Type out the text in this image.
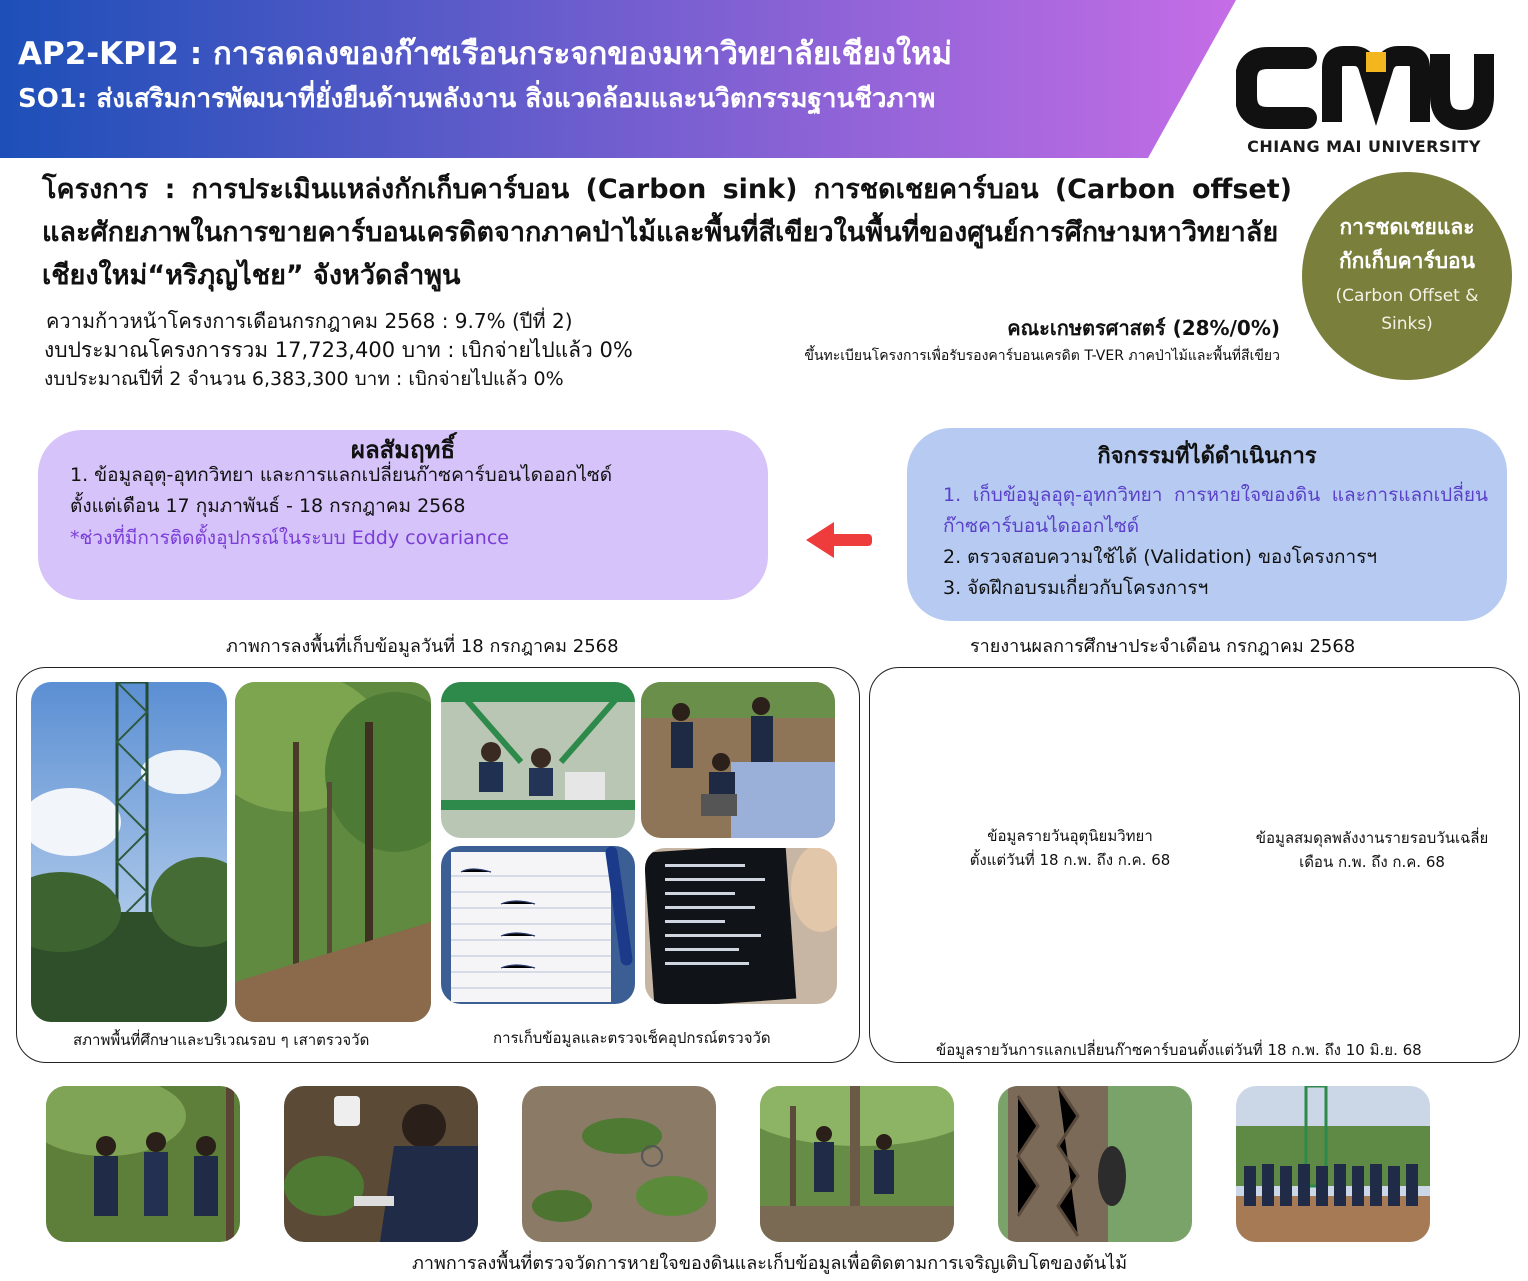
AP2-KPI2 : การลดลงของก๊าซเรือนกระจกของมหาวิทยาลัยเชียงใหม่
SO1: ส่งเสริมการพัฒนาที่ยั่งยืนด้านพลังงาน สิ่งแวดล้อมและนวิตกรรมฐานชีวภาพ
CHIANG MAI UNIVERSITY
โครงการ : การประเมินแหล่งกักเก็บคาร์บอน (Carbon sink) การชดเชยคาร์บอน (Carbon offset) และศักยภาพในการขายคาร์บอนเครดิตจากภาคป่าไม้และพื้นที่สีเขียวในพื้นที่ของศูนย์การศึกษามหาวิทยาลัยเชียงใหม่“หริภุญไชย” จังหวัดลำพูน
การชดเชยและ
กักเก็บคาร์บอน
(Carbon Offset &
Sinks)
ความก้าวหน้าโครงการเดือนกรกฎาคม 2568 : 9.7% (ปีที่ 2)
งบประมาณโครงการรวม 17,723,400 บาท : เบิกจ่ายไปแล้ว 0%
งบประมาณปีที่ 2 จำนวน 6,383,300 บาท : เบิกจ่ายไปแล้ว 0%
คณะเกษตรศาสตร์ (28%/0%)
ขึ้นทะเบียนโครงการเพื่อรับรองคาร์บอนเครดิต T-VER ภาคป่าไม้และพื้นที่สีเขียว
ผลสัมฤทธิ์
1. ข้อมูลอุตุ-อุทกวิทยา และการแลกเปลี่ยนก๊าซคาร์บอนไดออกไซด์
ตั้งแต่เดือน 17 กุมภาพันธ์ - 18 กรกฎาคม 2568
*ช่วงที่มีการติดตั้งอุปกรณ์ในระบบ Eddy covariance
กิจกรรมที่ได้ดำเนินการ
1. เก็บข้อมูลอุตุ-อุทกวิทยา การหายใจของดิน และการแลกเปลี่ยนก๊าซคาร์บอนไดออกไซด์
2. ตรวจสอบความใช้ได้ (Validation) ของโครงการฯ
3. จัดฝึกอบรมเกี่ยวกับโครงการฯ
ภาพการลงพื้นที่เก็บข้อมูลวันที่ 18 กรกฎาคม 2568	รายงานผลการศึกษาประจำเดือน กรกฎาคม 2568
สภาพพื้นที่ศึกษาและบริเวณรอบ ๆ เสาตรวจวัด	การเก็บข้อมูลและตรวจเช็คอุปกรณ์ตรวจวัด
ข้อมูลรายวันอุตุนิยมวิทยา
ตั้งแต่วันที่ 18 ก.พ. ถึง ก.ค. 68
ข้อมูลสมดุลพลังงานรายรอบวันเฉลี่ย
เดือน ก.พ. ถึง ก.ค. 68
ข้อมูลรายวันการแลกเปลี่ยนก๊าซคาร์บอนตั้งแต่วันที่ 18 ก.พ. ถึง 10 มิ.ย. 68
ภาพการลงพื้นที่ตรวจวัดการหายใจของดินและเก็บข้อมูลเพื่อติดตามการเจริญเติบโตของต้นไม้
